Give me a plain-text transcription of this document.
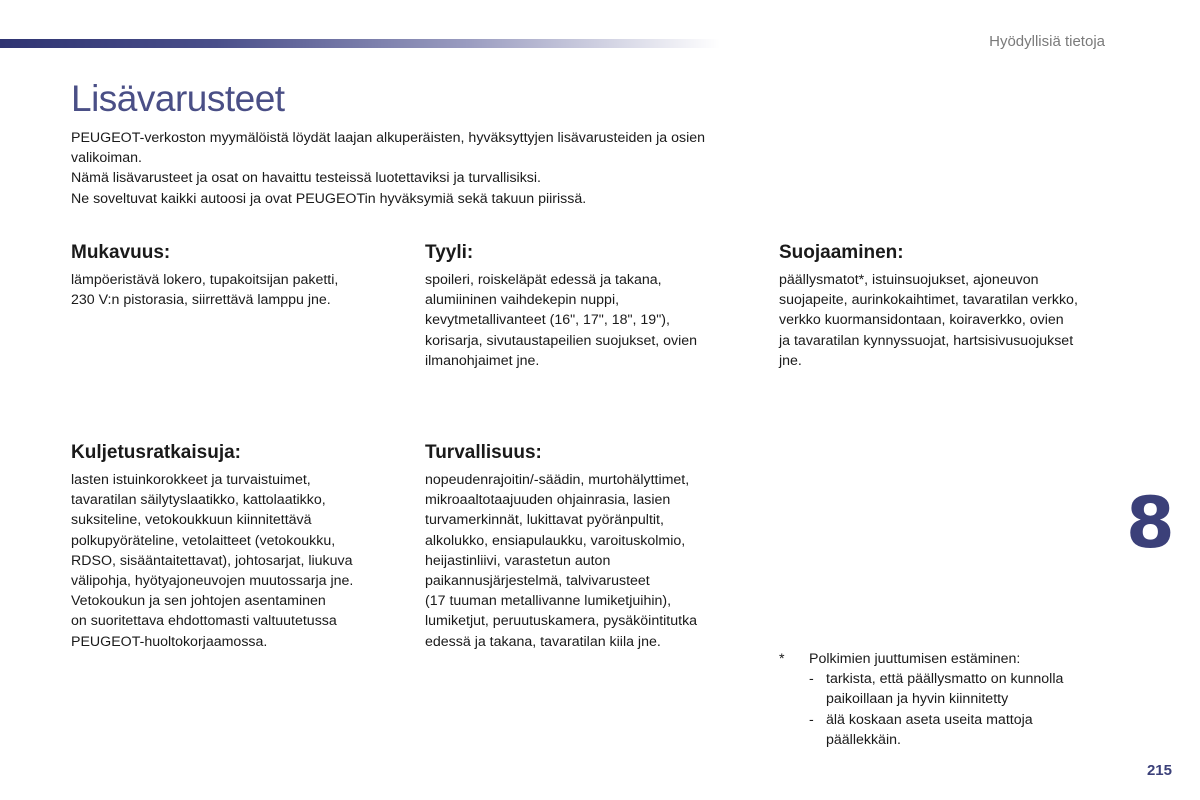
Hyödyllisiä tietoja

Lisävarusteet

PEUGEOT-verkoston myymälöistä löydät laajan alkuperäisten, hyväksyttyjen lisävarusteiden ja osien valikoiman.

Nämä lisävarusteet ja osat on havaittu testeissä luotettaviksi ja turvallisiksi.

Ne soveltuvat kaikki autoosi ja ovat PEUGEOTin hyväksymiä sekä takuun piirissä.

Mukavuus:

lämpöeristävä lokero, tupakoitsijan paketti,
230 V:n pistorasia, siirrettävä lamppu jne.

Tyyli:

spoileri, roiskeläpät edessä ja takana,
alumiininen vaihdekepin nuppi,
kevytmetallivanteet (16", 17", 18", 19"),
korisarja, sivutaustapeilien suojukset, ovien
ilmanohjaimet jne.

Suojaaminen:

päällysmatot*, istuinsuojukset, ajoneuvon
suojapeite, aurinkokaihtimet, tavaratilan verkko,
verkko kuormansidontaan, koiraverkko, ovien
ja tavaratilan kynnyssuojat, hartsisivusuojukset
jne.

Kuljetusratkaisuja:

lasten istuinkorokkeet ja turvaistuimet,
tavaratilan säilytyslaatikko, kattolaatikko,
suksiteline, vetokoukkuun kiinnitettävä
polkupyöräteline, vetolaitteet (vetokoukku,
RDSO, sisääntaitettavat), johtosarjat, liukuva
välipohja, hyötyajoneuvojen muutossarja jne.
Vetokoukun ja sen johtojen asentaminen
on suoritettava ehdottomasti valtuutetussa
PEUGEOT-huoltokorjaamossa.

Turvallisuus:

nopeudenrajoitin/-säädin, murtohälyttimet,
mikroaaltotaajuuden ohjainrasia, lasien
turvamerkinnät, lukittavat pyöränpultit,
alkolukko, ensiapulaukku, varoituskolmio,
heijastinliivi, varastetun auton
paikannusjärjestelmä, talvivarusteet
(17 tuuman metallivanne lumiketjuihin),
lumiketjut, peruutuskamera, pysäköintitutka
edessä ja takana, tavaratilan kiila jne.

8
*	Polkimien juuttumisen estäminen:
- tarkista, että päällysmatto on kunnolla paikoillaan ja hyvin kiinnitetty
- älä koskaan aseta useita mattoja päällekkäin.
215
